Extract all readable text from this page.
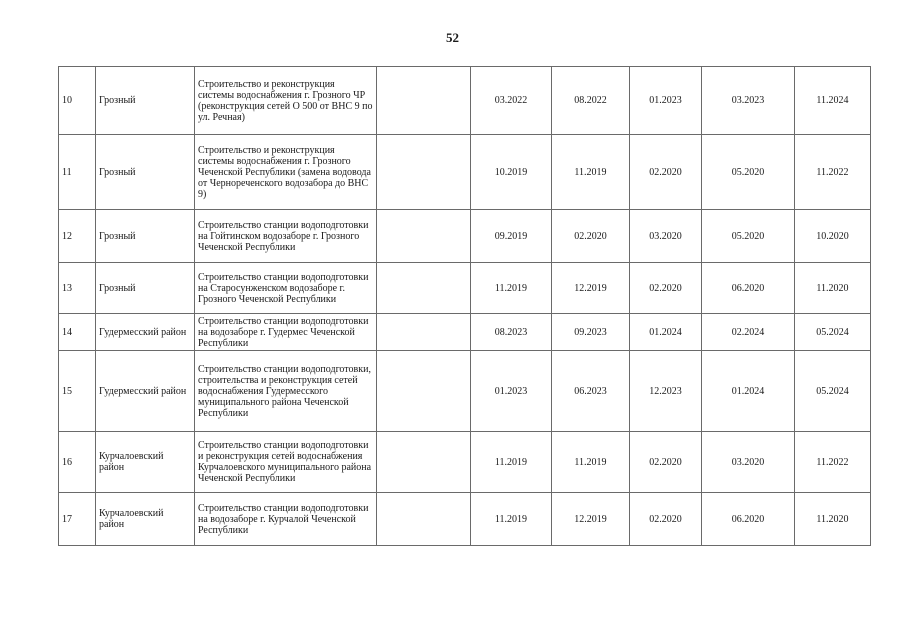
52
10	Грозный	Строительство и реконструкция системы водоснабжения г. Грозного ЧР (реконструкция сетей О 500 от ВНС 9 по ул. Речная)		03.2022	08.2022	01.2023	03.2023	11.2024
11	Грозный	Строительство и реконструкция системы водоснабжения г. Грозного Чеченской Республики (замена водовода от Чернореченского водозабора до ВНС 9)		10.2019	11.2019	02.2020	05.2020	11.2022
12	Грозный	Строительство станции водоподготовки на Гойтинском водозаборе г. Грозного Чеченской Республики		09.2019	02.2020	03.2020	05.2020	10.2020
13	Грозный	Строительство станции водоподготовки на Старосунженском водозаборе г. Грозного Чеченской Республики		11.2019	12.2019	02.2020	06.2020	11.2020
14	Гудермесский район	Строительство станции водоподготовки на водозаборе г. Гудермес Чеченской Республики		08.2023	09.2023	01.2024	02.2024	05.2024
15	Гудермесский район	Строительство станции водоподготовки, строительства и реконструкция сетей водоснабжения Гудермесского муниципального района Чеченской Республики		01.2023	06.2023	12.2023	01.2024	05.2024
16	Курчалоевский район	Строительство станции водоподготовки и реконструкция сетей водоснабжения Курчалоевского муниципального района Чеченской Республики		11.2019	11.2019	02.2020	03.2020	11.2022
17	Курчалоевский район	Строительство станции водоподготовки на водозаборе г. Курчалой Чеченской Республики		11.2019	12.2019	02.2020	06.2020	11.2020
